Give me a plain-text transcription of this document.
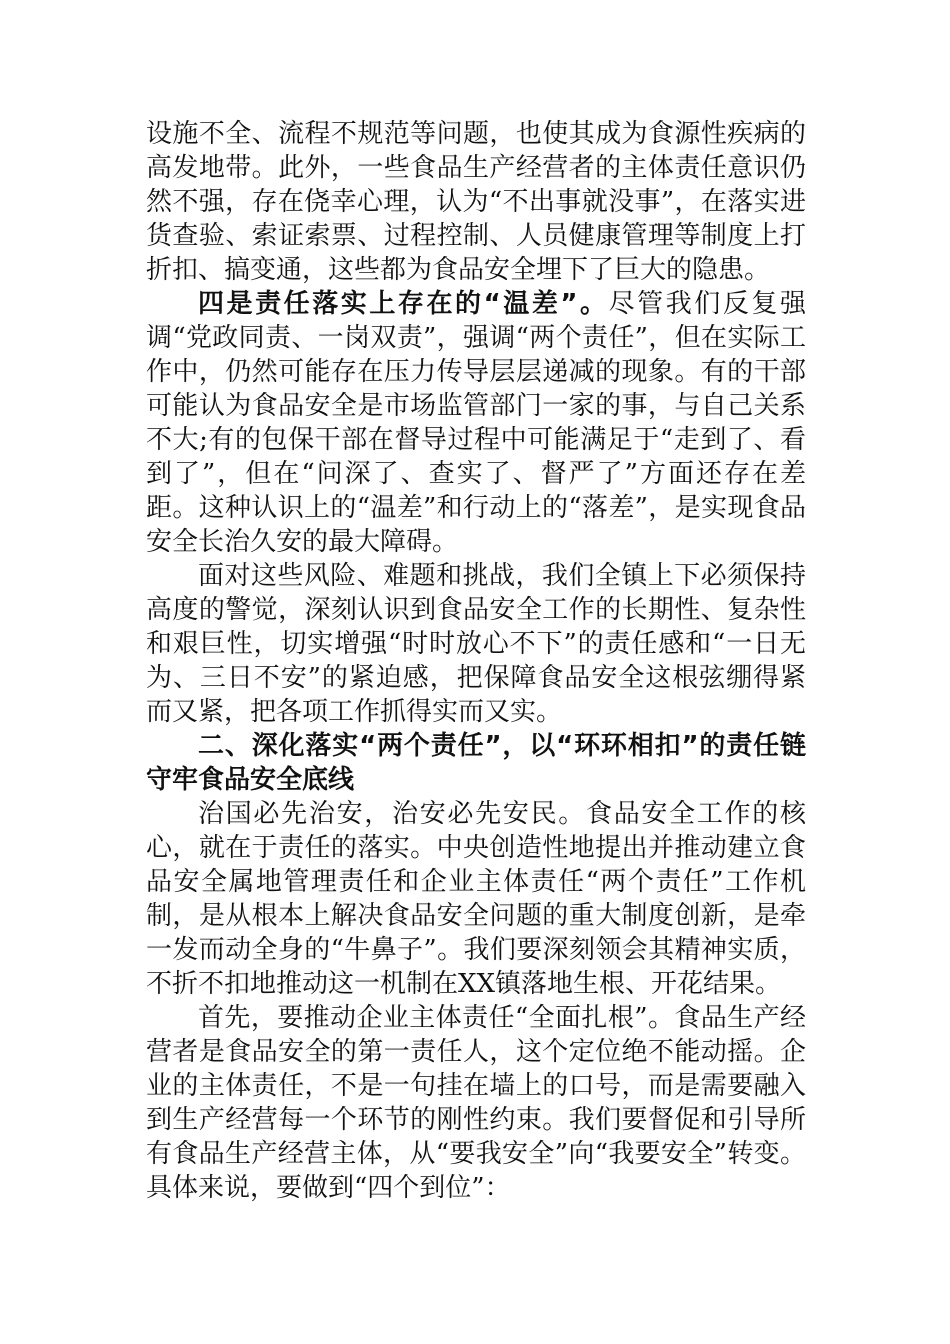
设施不全、流程不规范等问题，也使其成为食源性疾病的高发地带。此外，一些食品生产经营者的主体责任意识仍然不强，存在侥幸心理，认为“不出事就没事”，在落实进货查验、索证索票、过程控制、人员健康管理等制度上打折扣、搞变通，这些都为食品安全埋下了巨大的隐患。

四是责任落实上存在的“温差”。尽管我们反复强调“党政同责、一岗双责”，强调“两个责任”，但在实际工作中，仍然可能存在压力传导层层递减的现象。有的干部可能认为食品安全是市场监管部门一家的事，与自己关系不大;有的包保干部在督导过程中可能满足于“走到了、看到了”，但在“问深了、查实了、督严了”方面还存在差距。这种认识上的“温差”和行动上的“落差”，是实现食品安全长治久安的最大障碍。

面对这些风险、难题和挑战，我们全镇上下必须保持高度的警觉，深刻认识到食品安全工作的长期性、复杂性和艰巨性，切实增强“时时放心不下”的责任感和“一日无为、三日不安”的紧迫感，把保障食品安全这根弦绷得紧而又紧，把各项工作抓得实而又实。

二、深化落实“两个责任”，以“环环相扣”的责任链守牢食品安全底线

治国必先治安，治安必先安民。食品安全工作的核心，就在于责任的落实。中央创造性地提出并推动建立食品安全属地管理责任和企业主体责任“两个责任”工作机制，是从根本上解决食品安全问题的重大制度创新，是牵一发而动全身的“牛鼻子”。我们要深刻领会其精神实质，不折不扣地推动这一机制在XX镇落地生根、开花结果。

首先，要推动企业主体责任“全面扎根”。食品生产经营者是食品安全的第一责任人，这个定位绝不能动摇。企业的主体责任，不是一句挂在墙上的口号，而是需要融入到生产经营每一个环节的刚性约束。我们要督促和引导所有食品生产经营主体，从“要我安全”向“我要安全”转变。具体来说，要做到“四个到位”：
